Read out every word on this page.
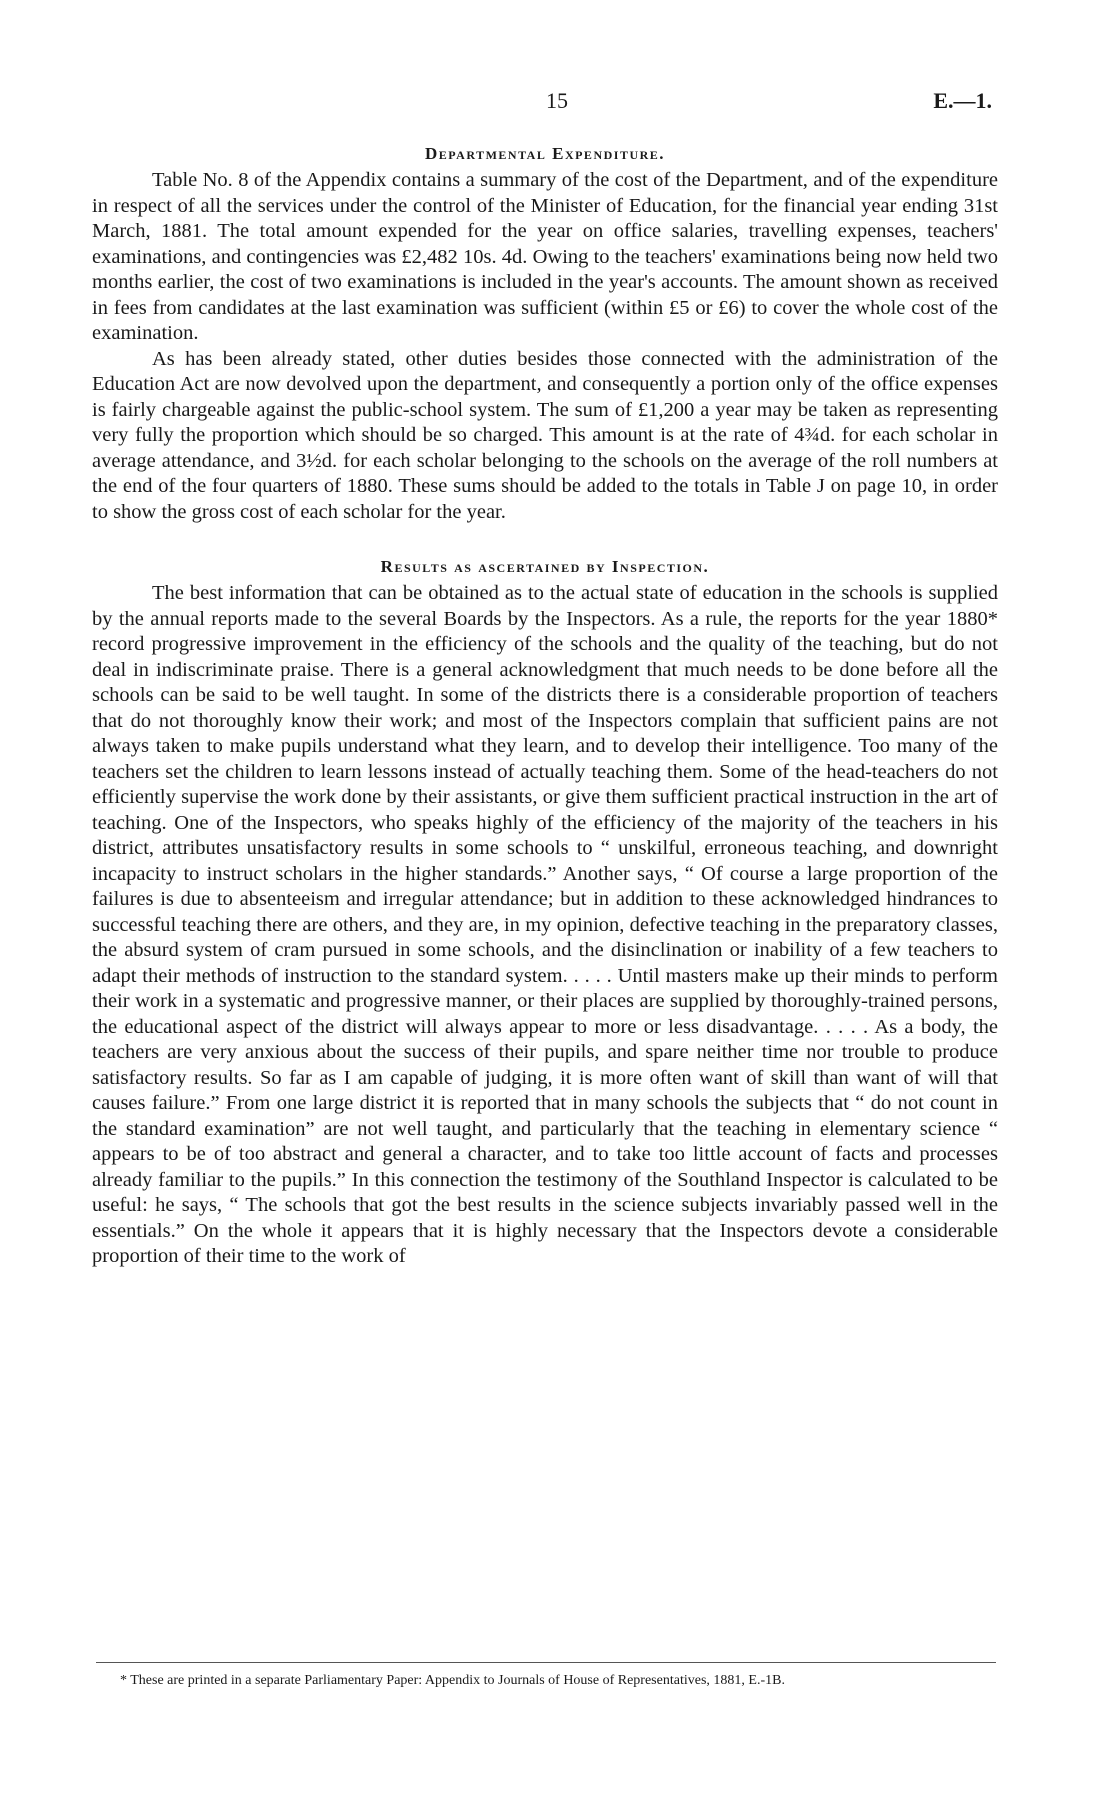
15	E.—1.
Departmental Expenditure.

Table No. 8 of the Appendix contains a summary of the cost of the Department, and of the expenditure in respect of all the services under the control of the Minister of Education, for the financial year ending 31st March, 1881. The total amount expended for the year on office salaries, travelling expenses, teachers' examinations, and contingencies was £2,482 10s. 4d. Owing to the teachers' examinations being now held two months earlier, the cost of two examinations is included in the year's accounts. The amount shown as received in fees from candidates at the last examination was sufficient (within £5 or £6) to cover the whole cost of the examination.

As has been already stated, other duties besides those connected with the administration of the Education Act are now devolved upon the department, and consequently a portion only of the office expenses is fairly chargeable against the public-school system. The sum of £1,200 a year may be taken as representing very fully the proportion which should be so charged. This amount is at the rate of 4¾d. for each scholar in average attendance, and 3½d. for each scholar belonging to the schools on the average of the roll numbers at the end of the four quarters of 1880. These sums should be added to the totals in Table J on page 10, in order to show the gross cost of each scholar for the year.

Results as ascertained by Inspection.

The best information that can be obtained as to the actual state of education in the schools is supplied by the annual reports made to the several Boards by the Inspectors. As a rule, the reports for the year 1880* record progressive improvement in the efficiency of the schools and the quality of the teaching, but do not deal in indiscriminate praise. There is a general acknowledgment that much needs to be done before all the schools can be said to be well taught. In some of the districts there is a considerable proportion of teachers that do not thoroughly know their work; and most of the Inspectors complain that sufficient pains are not always taken to make pupils understand what they learn, and to develop their intelligence. Too many of the teachers set the children to learn lessons instead of actually teaching them. Some of the head-teachers do not efficiently supervise the work done by their assistants, or give them sufficient practical instruction in the art of teaching. One of the Inspectors, who speaks highly of the efficiency of the majority of the teachers in his district, attributes unsatisfactory results in some schools to “ unskilful, erroneous teaching, and downright incapacity to instruct scholars in the higher standards.” Another says, “ Of course a large proportion of the failures is due to absenteeism and irregular attendance; but in addition to these acknowledged hindrances to successful teaching there are others, and they are, in my opinion, defective teaching in the preparatory classes, the absurd system of cram pursued in some schools, and the disinclination or inability of a few teachers to adapt their methods of instruction to the standard system. . . . . Until masters make up their minds to perform their work in a systematic and progressive manner, or their places are supplied by thoroughly-trained persons, the educational aspect of the district will always appear to more or less disadvantage. . . . . As a body, the teachers are very anxious about the success of their pupils, and spare neither time nor trouble to produce satisfactory results. So far as I am capable of judging, it is more often want of skill than want of will that causes failure.” From one large district it is reported that in many schools the subjects that “ do not count in the standard examination” are not well taught, and particularly that the teaching in elementary science “ appears to be of too abstract and general a character, and to take too little account of facts and processes already familiar to the pupils.” In this connection the testimony of the Southland Inspector is calculated to be useful: he says, “ The schools that got the best results in the science subjects invariably passed well in the essentials.” On the whole it appears that it is highly necessary that the Inspectors devote a considerable proportion of their time to the work of

* These are printed in a separate Parliamentary Paper: Appendix to Journals of House of Representatives, 1881, E.-1B.
